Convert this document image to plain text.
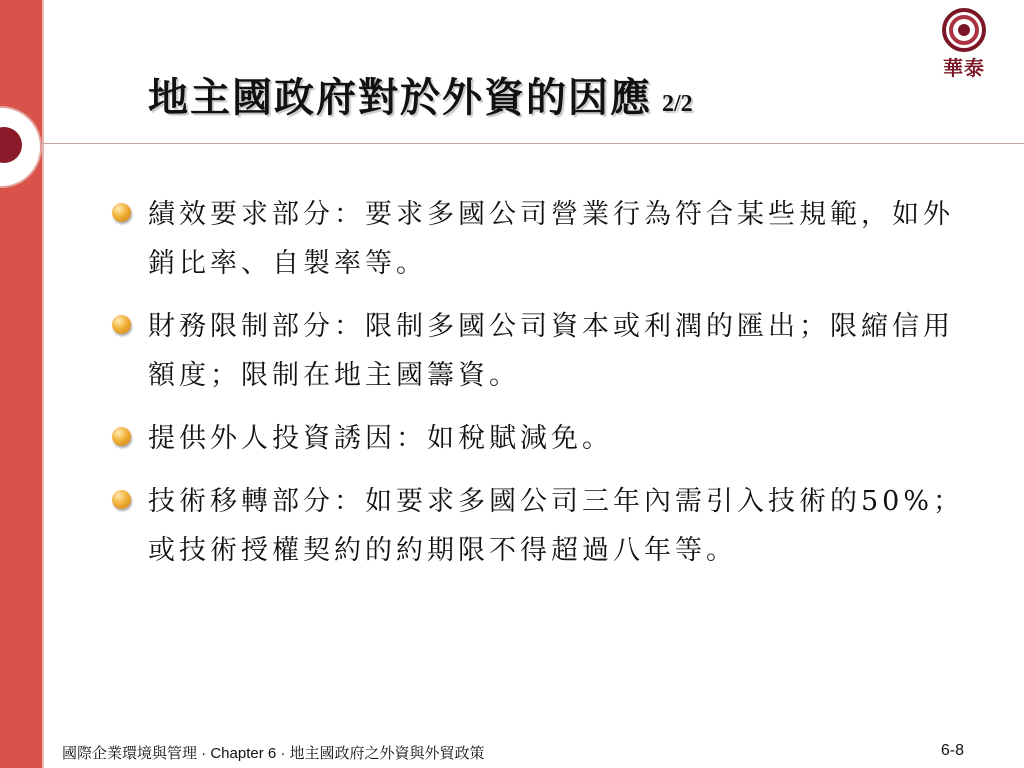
華泰
地主國政府對於外資的因應 2/2
績效要求部分：要求多國公司營業行為符合某些規範，如外銷比率、自製率等。
財務限制部分：限制多國公司資本或利潤的匯出；限縮信用額度；限制在地主國籌資。
提供外人投資誘因：如稅賦減免。
技術移轉部分：如要求多國公司三年內需引入技術的50%；或技術授權契約的約期限不得超過八年等。
國際企業環境與管理 · Chapter 6 · 地主國政府之外資與外貿政策	6-8
